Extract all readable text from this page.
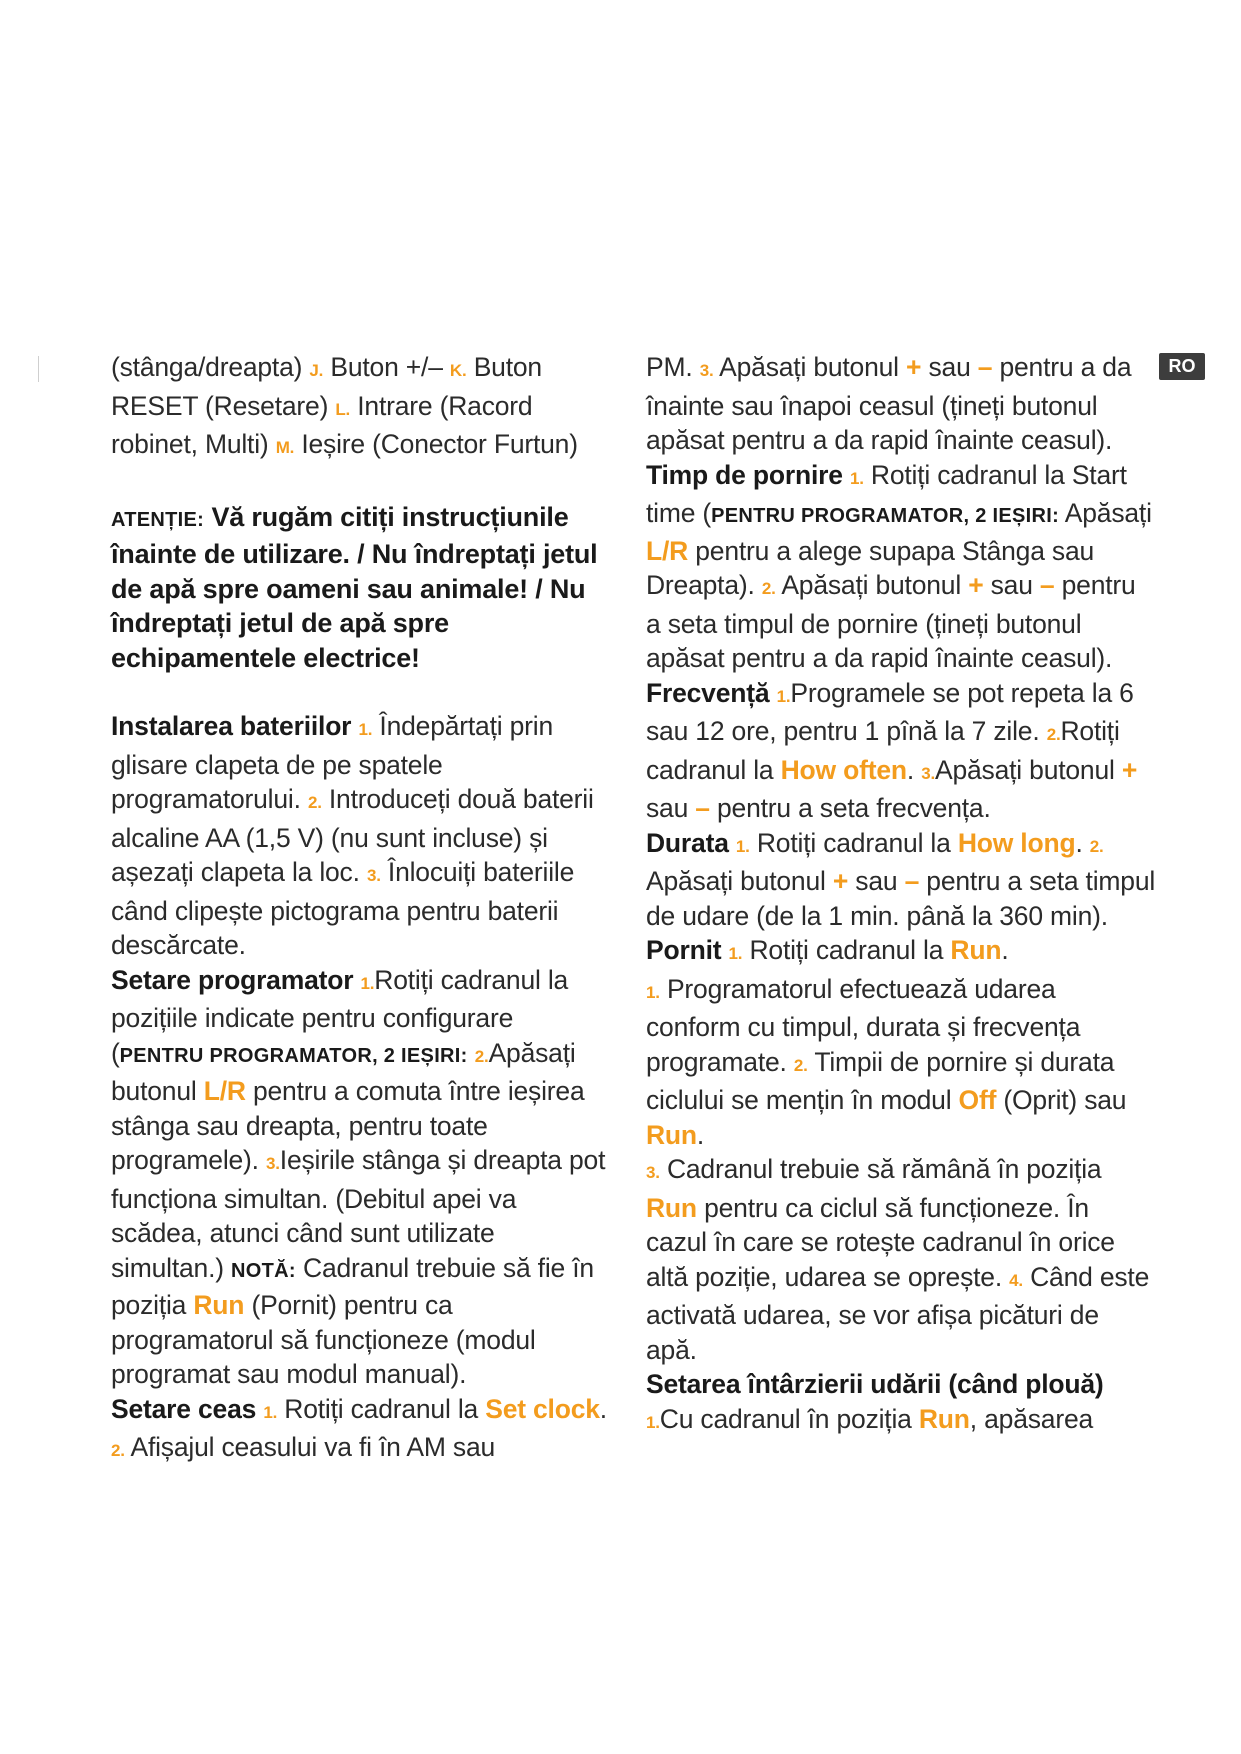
RO

(stânga/dreapta) J. Buton +/– K. Buton RESET (Resetare) L. Intrare (Racord robinet, Multi) M. Ieșire (Conector Furtun)

ATENȚIE: Vă rugăm citiți instrucțiunile înainte de utilizare. / Nu îndreptați jetul de apă spre oameni sau animale! / Nu îndreptați jetul de apă spre echipamentele electrice!

Instalarea bateriilor 1. Îndepărtați prin glisare clapeta de pe spatele programatorului. 2. Introduceți două baterii alcaline AA (1,5 V) (nu sunt incluse) și așezați clapeta la loc. 3. Înlocuiți bateriile când clipește pictograma pentru baterii descărcate.

Setare programator 1.Rotiți cadranul la pozițiile indicate pentru configurare (PENTRU PROGRAMATOR, 2 IEȘIRI: 2.Apăsați butonul L/R pentru a comuta între ieșirea stânga sau dreapta, pentru toate programele). 3.Ieșirile stânga și dreapta pot funcționa simultan. (Debitul apei va scădea, atunci când sunt utilizate simultan.) NOTĂ: Cadranul trebuie să fie în poziția Run (Pornit) pentru ca programatorul să funcționeze (modul programat sau modul manual).

Setare ceas 1. Rotiți cadranul la Set clock. 2. Afișajul ceasului va fi în AM sau

PM. 3. Apăsați butonul + sau – pentru a da înainte sau înapoi ceasul (țineți butonul apăsat pentru a da rapid înainte ceasul).

Timp de pornire 1. Rotiți cadranul la Start time (PENTRU PROGRAMATOR, 2 IEȘIRI: Apăsați L/R pentru a alege supapa Stânga sau Dreapta). 2. Apăsați butonul + sau – pentru a seta timpul de pornire (țineți butonul apăsat pentru a da rapid înainte ceasul).

Frecvență 1.Programele se pot repeta la 6 sau 12 ore, pentru 1 pînă la 7 zile. 2.Rotiți cadranul la How often. 3.Apăsați butonul + sau – pentru a seta frecvența.

Durata 1. Rotiți cadranul la How long. 2. Apăsați butonul + sau – pentru a seta timpul de udare (de la 1 min. până la 360 min).

Pornit 1. Rotiți cadranul la Run.
1. Programatorul efectuează udarea conform cu timpul, durata și frecvența programate. 2. Timpii de pornire și durata ciclului se mențin în modul Off (Oprit) sau Run.
3. Cadranul trebuie să rămână în poziția
Run pentru ca ciclul să funcționeze. În cazul în care se rotește cadranul în orice altă poziție, udarea se oprește. 4. Când este activată udarea, se vor afișa picături de apă.

Setarea întârzierii udării (când plouă)
1.Cu cadranul în poziția Run, apăsarea
